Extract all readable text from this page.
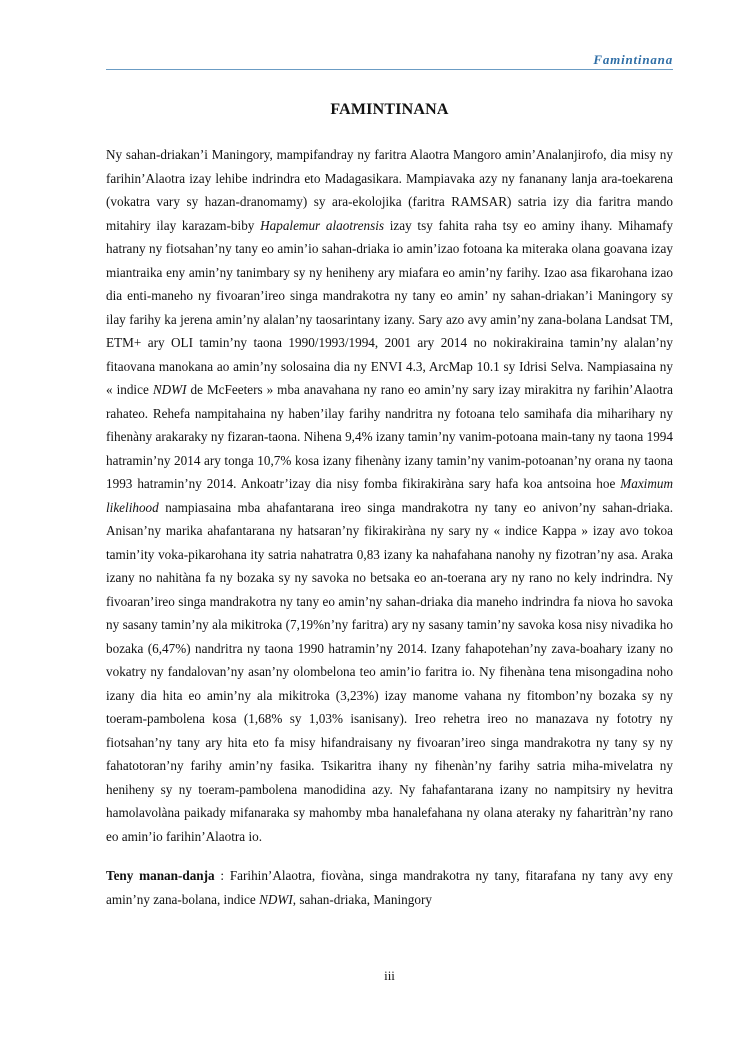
Famintinana
FAMINTINANA

Ny sahan-driakan’i Maningory, mampifandray ny faritra Alaotra Mangoro amin’Analanjirofo, dia misy ny farihin’Alaotra izay lehibe indrindra eto Madagasikara. Mampiavaka azy ny fananany lanja ara-toekarena (vokatra vary sy hazan-dranomamy) sy ara-ekolojika (faritra RAMSAR) satria izy dia faritra mando mitahiry ilay karazam-biby Hapalemur alaotrensis izay tsy fahita raha tsy eo aminy ihany. Mihamafy hatrany ny fiotsahan’ny tany eo amin’io sahan-driaka io amin’izao fotoana ka miteraka olana goavana izay miantraika eny amin’ny tanimbary sy ny heniheny ary miafara eo amin’ny farihy. Izao asa fikarohana izao dia enti-maneho ny fivoaran’ireo singa mandrakotra ny tany eo amin’ ny sahan-driakan’i Maningory sy ilay farihy ka jerena amin’ny alalan’ny taosarintany izany. Sary azo avy amin’ny zana-bolana Landsat TM, ETM+ ary OLI tamin’ny taona 1990/1993/1994, 2001 ary 2014 no nokirakiraina tamin’ny alalan’ny fitaovana manokana ao amin’ny solosaina dia ny ENVI 4.3, ArcMap 10.1 sy Idrisi Selva. Nampiasaina ny « indice NDWI de McFeeters » mba anavahana ny rano eo amin’ny sary izay mirakitra ny farihin’Alaotra rahateo. Rehefa nampitahaina ny haben’ilay farihy nandritra ny fotoana telo samihafa dia miharihary ny fihenàny arakaraky ny fizaran-taona. Nihena 9,4% izany tamin’ny vanim-potoana main-tany ny taona 1994 hatramin’ny 2014 ary tonga 10,7% kosa izany fihenàny izany tamin’ny vanim-potoanan’ny orana ny taona 1993 hatramin’ny 2014. Ankoatr’izay dia nisy fomba fikirakiràna sary hafa koa antsoina hoe Maximum likelihood nampiasaina mba ahafantarana ireo singa mandrakotra ny tany eo anivon’ny sahan-driaka. Anisan’ny marika ahafantarana ny hatsaran’ny fikirakiràna ny sary ny « indice Kappa » izay avo tokoa tamin’ity voka-pikarohana ity satria nahatratra 0,83 izany ka nahafahana nanohy ny fizotran’ny asa. Araka izany no nahitàna fa ny bozaka sy ny savoka no betsaka eo an-toerana ary ny rano no kely indrindra. Ny fivoaran’ireo singa mandrakotra ny tany eo amin’ny sahan-driaka dia maneho indrindra fa niova ho savoka ny sasany tamin’ny ala mikitroka (7,19%n’ny faritra) ary ny sasany tamin’ny savoka kosa nisy nivadika ho bozaka (6,47%) nandritra ny taona 1990 hatramin’ny 2014. Izany fahapotehan’ny zava-boahary izany no vokatry ny fandalovan’ny asan’ny olombelona teo amin’io faritra io. Ny fihenàna tena misongadina noho izany dia hita eo amin’ny ala mikitroka (3,23%) izay manome vahana ny fitombon’ny bozaka sy ny toeram-pambolena kosa (1,68% sy 1,03% isanisany). Ireo rehetra ireo no manazava ny fototry ny fiotsahan’ny tany ary hita eto fa misy hifandraisany ny fivoaran’ireo singa mandrakotra ny tany sy ny fahatotoran’ny farihy amin’ny fasika. Tsikaritra ihany ny fihenàn’ny farihy satria miha-mivelatra ny heniheny sy ny toeram-pambolena manodidina azy. Ny fahafantarana izany no nampitsiry ny hevitra hamolavolàna paikady mifanaraka sy mahomby mba hanalefahana ny olana ateraky ny faharitràn’ny rano eo amin’io farihin’Alaotra io.

Teny manan-danja : Farihin’Alaotra, fiovàna, singa mandrakotra ny tany, fitarafana ny tany avy eny amin’ny zana-bolana, indice NDWI, sahan-driaka, Maningory

iii
